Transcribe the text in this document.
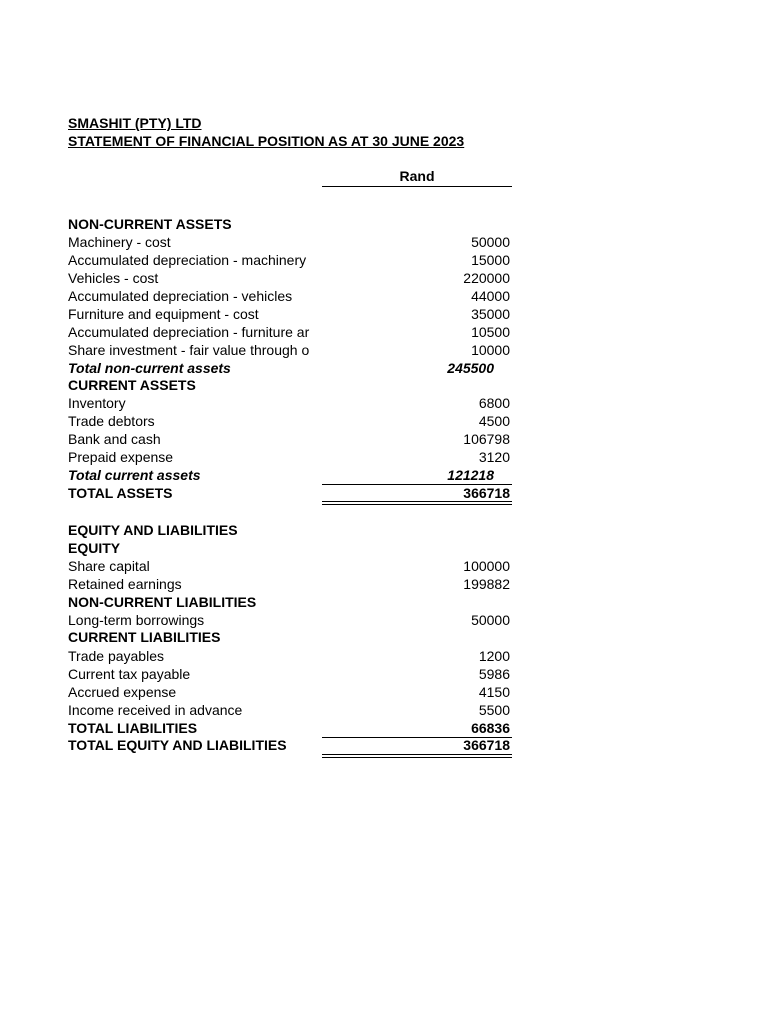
SMASHIT (PTY) LTD
STATEMENT OF FINANCIAL POSITION AS AT 30 JUNE 2023
Rand
NON-CURRENT ASSETS
Machinery - cost	50000
Accumulated depreciation - machinery	15000
Vehicles - cost	220000
Accumulated depreciation - vehicles	44000
Furniture and equipment - cost	35000
Accumulated depreciation - furniture ar	10500
Share investment - fair value through o	10000
Total non-current assets	245500
CURRENT ASSETS
Inventory	6800
Trade debtors	4500
Bank and cash	106798
Prepaid expense	3120
Total current assets	121218
TOTAL ASSETS	366718
EQUITY AND LIABILITIES
EQUITY
Share capital	100000
Retained earnings	199882
NON-CURRENT LIABILITIES
Long-term borrowings	50000
CURRENT LIABILITIES
Trade payables	1200
Current tax payable	5986
Accrued expense	4150
Income received in advance	5500
TOTAL LIABILITIES	66836
TOTAL EQUITY AND LIABILITIES	366718
